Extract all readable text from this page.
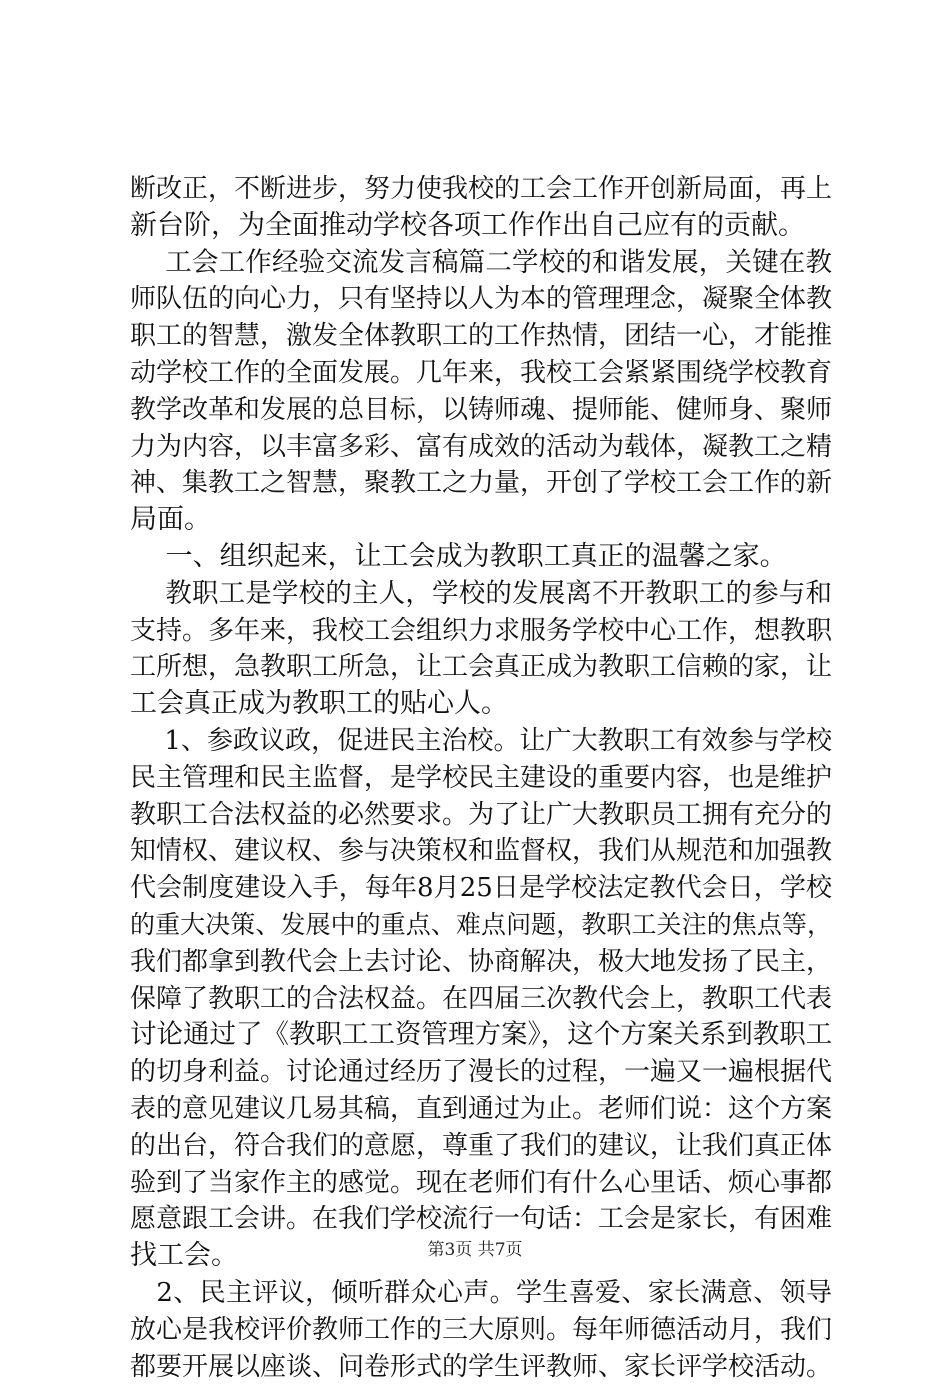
断改正，不断进步，努力使我校的工会工作开创新局面，再上
新台阶，为全面推动学校各项工作作出自己应有的贡献。
　 工会工作经验交流发言稿篇二学校的和谐发展，关键在教
师队伍的向心力，只有坚持以人为本的管理理念，凝聚全体教
职工的智慧，激发全体教职工的工作热情，团结一心，才能推
动学校工作的全面发展。几年来，我校工会紧紧围绕学校教育
教学改革和发展的总目标，以铸师魂、提师能、健师身、聚师
力为内容，以丰富多彩、富有成效的活动为载体，凝教工之精
神、集教工之智慧，聚教工之力量，开创了学校工会工作的新
局面。
　 一、组织起来，让工会成为教职工真正的温馨之家。
　 教职工是学校的主人，学校的发展离不开教职工的参与和
支持。多年来，我校工会组织力求服务学校中心工作，想教职
工所想，急教职工所急，让工会真正成为教职工信赖的家，让
工会真正成为教职工的贴心人。
　 1、参政议政，促进民主治校。让广大教职工有效参与学校
民主管理和民主监督，是学校民主建设的重要内容，也是维护
教职工合法权益的必然要求。为了让广大教职员工拥有充分的
知情权、建议权、参与决策权和监督权，我们从规范和加强教
代会制度建设入手，每年8月25日是学校法定教代会日，学校
的重大决策、发展中的重点、难点问题，教职工关注的焦点等，
我们都拿到教代会上去讨论、协商解决，极大地发扬了民主，
保障了教职工的合法权益。在四届三次教代会上，教职工代表
讨论通过了《教职工工资管理方案》，这个方案关系到教职工
的切身利益。讨论通过经历了漫长的过程，一遍又一遍根据代
表的意见建议几易其稿，直到通过为止。老师们说：这个方案
的出台，符合我们的意愿，尊重了我们的建议，让我们真正体
验到了当家作主的感觉。现在老师们有什么心里话、烦心事都
愿意跟工会讲。在我们学校流行一句话：工会是家长，有困难
找工会。
　2、民主评议，倾听群众心声。学生喜爱、家长满意、领导
放心是我校评价教师工作的三大原则。每年师德活动月，我们
都要开展以座谈、问卷形式的学生评教师、家长评学校活动。
第3页 共7页
